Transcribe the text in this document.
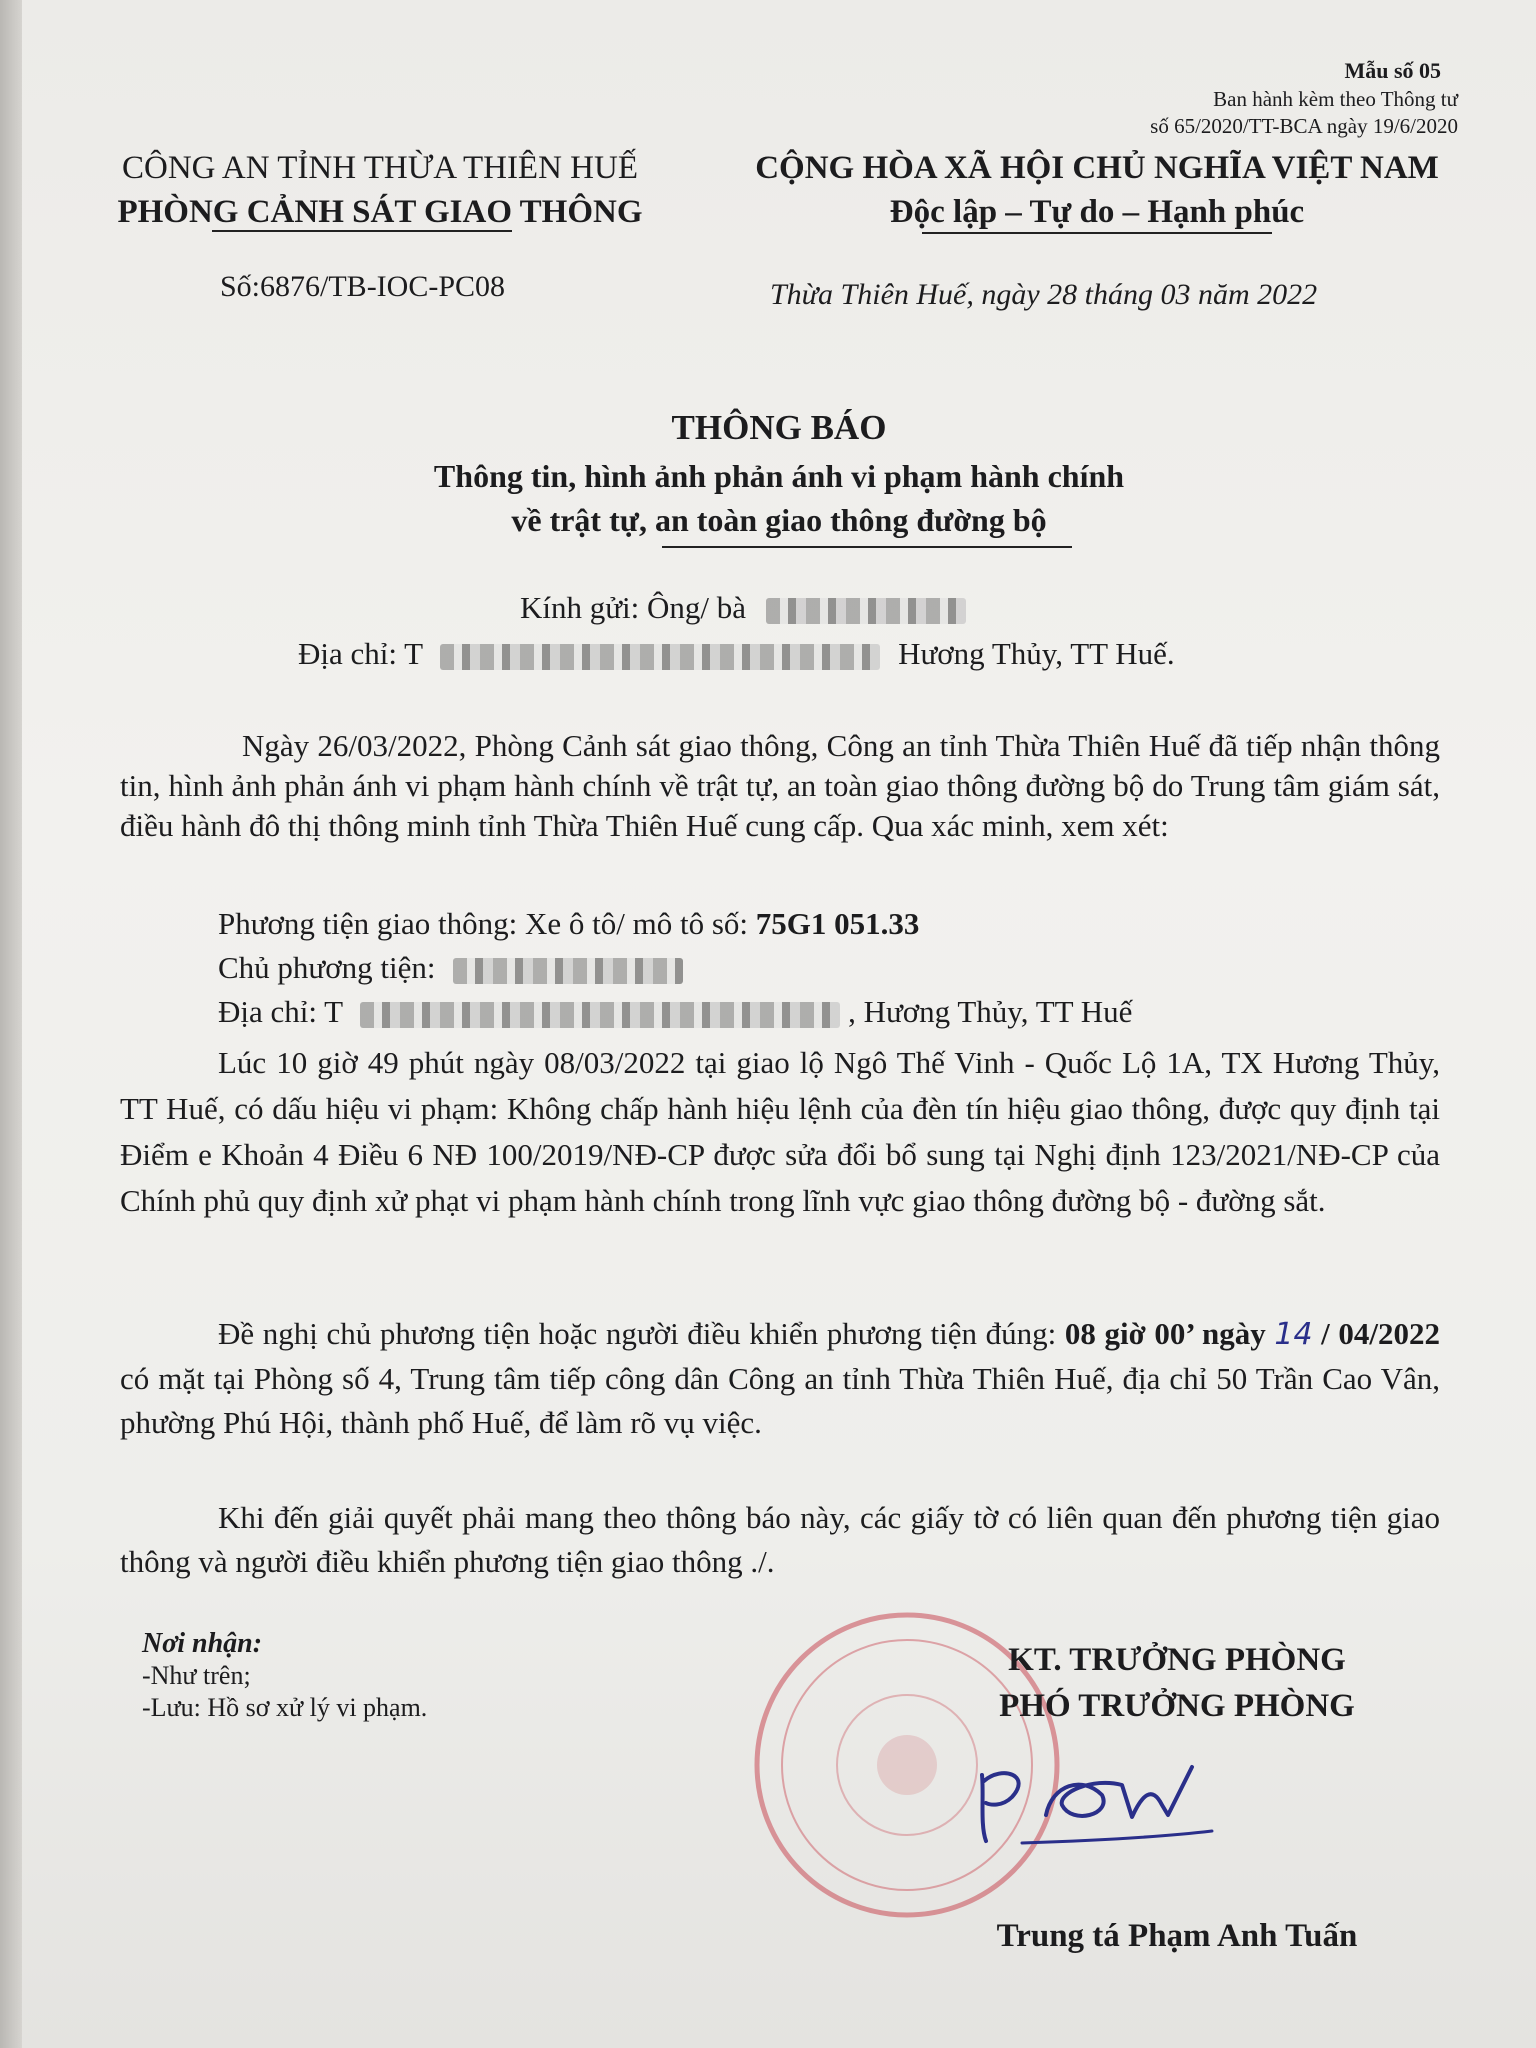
Mẫu số 05
Ban hành kèm theo Thông tư
số 65/2020/TT-BCA ngày 19/6/2020
CÔNG AN TỈNH THỪA THIÊN HUẾ
PHÒNG CẢNH SÁT GIAO THÔNG
CỘNG HÒA XÃ HỘI CHỦ NGHĨA VIỆT NAM
Độc lập – Tự do – Hạnh phúc
Số:6876/TB-IOC-PC08	Thừa Thiên Huế, ngày 28 tháng 03 năm 2022
THÔNG BÁO
Thông tin, hình ảnh phản ánh vi phạm hành chính
về trật tự, an toàn giao thông đường bộ
Kính gửi: Ông/ bà
Địa chỉ: T	Hương Thủy, TT Huế.
Ngày 26/03/2022, Phòng Cảnh sát giao thông, Công an tỉnh Thừa Thiên Huế đã tiếp nhận thông tin, hình ảnh phản ánh vi phạm hành chính về trật tự, an toàn giao thông đường bộ do Trung tâm giám sát, điều hành đô thị thông minh tỉnh Thừa Thiên Huế cung cấp. Qua xác minh, xem xét:
Phương tiện giao thông: Xe ô tô/ mô tô số: 75G1 051.33
Chủ phương tiện:
Địa chỉ: T	, Hương Thủy, TT Huế
Lúc 10 giờ 49 phút ngày 08/03/2022 tại giao lộ Ngô Thế Vinh - Quốc Lộ 1A, TX Hương Thủy, TT Huế, có dấu hiệu vi phạm: Không chấp hành hiệu lệnh của đèn tín hiệu giao thông, được quy định tại Điểm e Khoản 4 Điều 6 NĐ 100/2019/NĐ-CP được sửa đổi bổ sung tại Nghị định 123/2021/NĐ-CP của Chính phủ quy định xử phạt vi phạm hành chính trong lĩnh vực giao thông đường bộ - đường sắt.
Đề nghị chủ phương tiện hoặc người điều khiển phương tiện đúng: 08 giờ 00’ ngày 14 / 04/2022 có mặt tại Phòng số 4, Trung tâm tiếp công dân Công an tỉnh Thừa Thiên Huế, địa chỉ 50 Trần Cao Vân, phường Phú Hội, thành phố Huế, để làm rõ vụ việc.
Khi đến giải quyết phải mang theo thông báo này, các giấy tờ có liên quan đến phương tiện giao thông và người điều khiển phương tiện giao thông ./.
Nơi nhận:
-Như trên;
-Lưu: Hồ sơ xử lý vi phạm.
KT. TRƯỞNG PHÒNG
PHÓ TRƯỞNG PHÒNG
Trung tá Phạm Anh Tuấn
